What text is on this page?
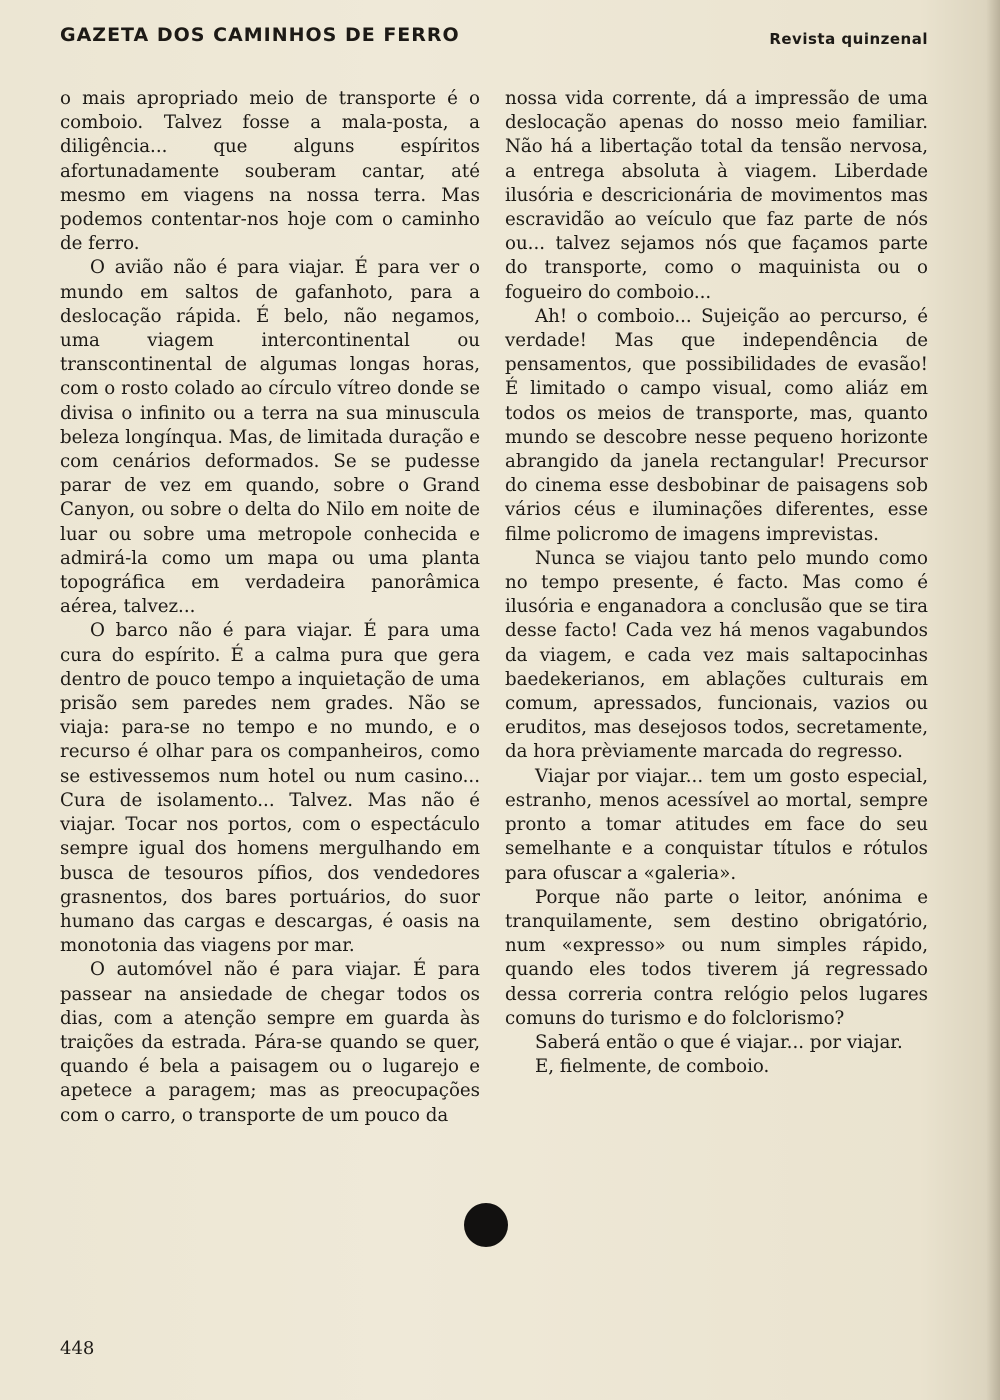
GAZETA DOS CAMINHOS DE FERRO	Revista quinzenal

o mais apropriado meio de transporte é o comboio. Talvez fosse a mala-posta, a diligência... que alguns espíritos afortunadamente souberam cantar, até mesmo em viagens na nossa terra. Mas podemos contentar-nos hoje com o caminho de ferro.

O avião não é para viajar. É para ver o mundo em saltos de gafanhoto, para a deslocação rápida. É belo, não negamos, uma viagem intercontinental ou transcontinental de algumas longas horas, com o rosto colado ao círculo vítreo donde se divisa o infinito ou a terra na sua minuscula beleza longínqua. Mas, de limitada duração e com cenários deformados. Se se pudesse parar de vez em quando, sobre o Grand Canyon, ou sobre o delta do Nilo em noite de luar ou sobre uma metropole conhecida e admirá-la como um mapa ou uma planta topográfica em verdadeira panorâmica aérea, talvez...

O barco não é para viajar. É para uma cura do espírito. É a calma pura que gera dentro de pouco tempo a inquietação de uma prisão sem paredes nem grades. Não se viaja: para-se no tempo e no mundo, e o recurso é olhar para os companheiros, como se estivessemos num hotel ou num casino... Cura de isolamento... Talvez. Mas não é viajar. Tocar nos portos, com o espectáculo sempre igual dos homens mergulhando em busca de tesouros pífios, dos vendedores grasnentos, dos bares portuários, do suor humano das cargas e descargas, é oasis na monotonia das viagens por mar.

O automóvel não é para viajar. É para passear na ansiedade de chegar todos os dias, com a atenção sempre em guarda às traições da estrada. Pára-se quando se quer, quando é bela a paisagem ou o lugarejo e apetece a paragem; mas as preocupações com o carro, o transporte de um pouco da

nossa vida corrente, dá a impressão de uma deslocação apenas do nosso meio familiar. Não há a libertação total da tensão nervosa, a entrega absoluta à viagem. Liberdade ilusória e descricionária de movimentos mas escravidão ao veículo que faz parte de nós ou... talvez sejamos nós que façamos parte do transporte, como o maquinista ou o fogueiro do comboio...

Ah! o comboio... Sujeição ao percurso, é verdade! Mas que independência de pensamentos, que possibilidades de evasão! É limitado o campo visual, como aliáz em todos os meios de transporte, mas, quanto mundo se descobre nesse pequeno horizonte abrangido da janela rectangular! Precursor do cinema esse desbobinar de paisagens sob vários céus e iluminações diferentes, esse filme policromo de imagens imprevistas.

Nunca se viajou tanto pelo mundo como no tempo presente, é facto. Mas como é ilusória e enganadora a conclusão que se tira desse facto! Cada vez há menos vagabundos da viagem, e cada vez mais saltapocinhas baedekerianos, em ablações culturais em comum, apressados, funcionais, vazios ou eruditos, mas desejosos todos, secretamente, da hora prèviamente marcada do regresso.

Viajar por viajar... tem um gosto especial, estranho, menos acessível ao mortal, sempre pronto a tomar atitudes em face do seu semelhante e a conquistar títulos e rótulos para ofuscar a «galeria».

Porque não parte o leitor, anónima e tranquilamente, sem destino obrigatório, num «expresso» ou num simples rápido, quando eles todos tiverem já regressado dessa correria contra relógio pelos lugares comuns do turismo e do folclorismo?

Saberá então o que é viajar... por viajar.

E, fielmente, de comboio.

448
